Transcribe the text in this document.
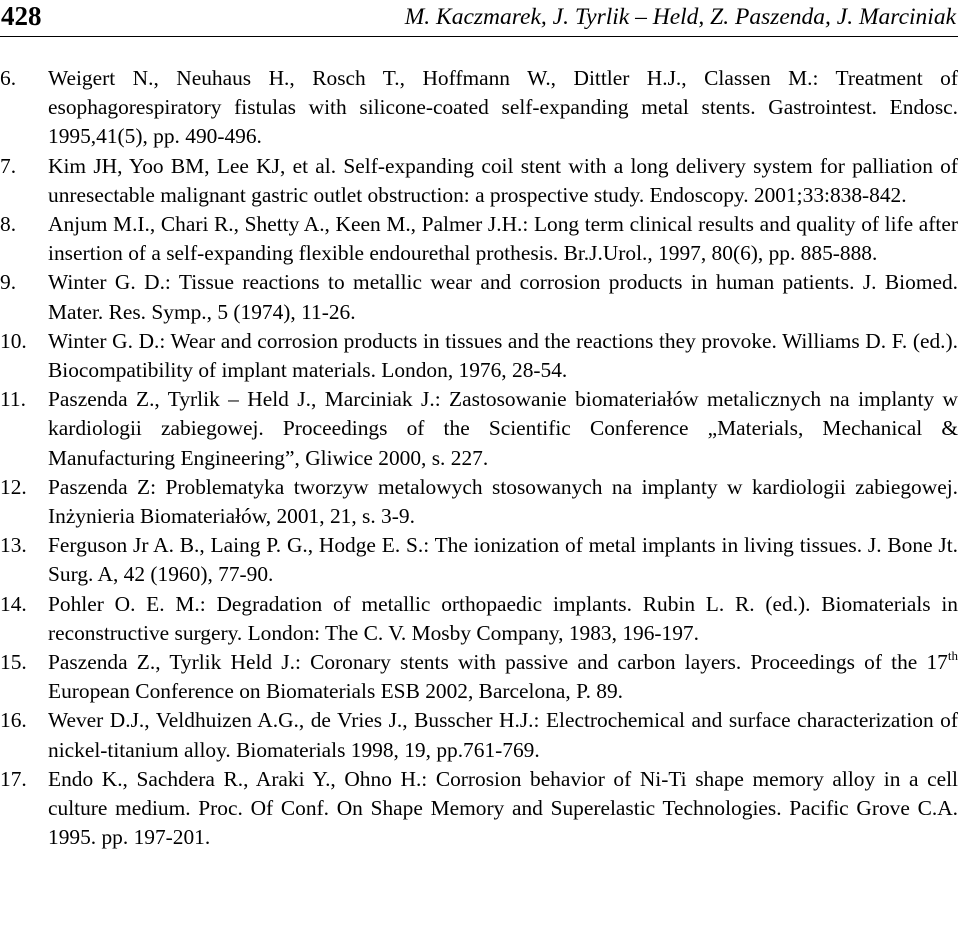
428	M. Kaczmarek, J. Tyrlik – Held, Z. Paszenda, J. Marciniak
6. Weigert N., Neuhaus H., Rosch T., Hoffmann W., Dittler H.J., Classen M.: Treatment of esophagorespiratory fistulas with silicone-coated self-expanding metal stents. Gastrointest. Endosc. 1995,41(5), pp. 490-496.
7. Kim JH, Yoo BM, Lee KJ, et al. Self-expanding coil stent with a long delivery system for palliation of unresectable malignant gastric outlet obstruction: a prospective study. Endoscopy. 2001;33:838-842.
8. Anjum M.I., Chari R., Shetty A., Keen M., Palmer J.H.: Long term clinical results and quality of life after insertion of a self-expanding flexible endourethal prothesis. Br.J.Urol., 1997, 80(6), pp. 885-888.
9. Winter G. D.: Tissue reactions to metallic wear and corrosion products in human patients. J. Biomed. Mater. Res. Symp., 5 (1974), 11-26.
10. Winter G. D.: Wear and corrosion products in tissues and the reactions they provoke. Williams D. F. (ed.). Biocompatibility of implant materials. London, 1976, 28-54.
11. Paszenda Z., Tyrlik – Held J., Marciniak J.: Zastosowanie biomateriałów metalicznych na implanty w kardiologii zabiegowej. Proceedings of the Scientific Conference „Materials, Mechanical & Manufacturing Engineering”, Gliwice 2000, s. 227.
12. Paszenda Z: Problematyka tworzyw metalowych stosowanych na implanty w kardiologii zabiegowej. Inżynieria Biomateriałów, 2001, 21, s. 3-9.
13. Ferguson Jr A. B., Laing P. G., Hodge E. S.: The ionization of metal implants in living tissues. J. Bone Jt. Surg. A, 42 (1960), 77-90.
14. Pohler O. E. M.: Degradation of metallic orthopaedic implants. Rubin L. R. (ed.). Biomaterials in reconstructive surgery. London: The C. V. Mosby Company, 1983, 196-197.
15. Paszenda Z., Tyrlik Held J.: Coronary stents with passive and carbon layers. Proceedings of the 17th European Conference on Biomaterials ESB 2002, Barcelona, P. 89.
16. Wever D.J., Veldhuizen A.G., de Vries J., Busscher H.J.: Electrochemical and surface characterization of nickel-titanium alloy. Biomaterials 1998, 19, pp.761-769.
17. Endo K., Sachdera R., Araki Y., Ohno H.: Corrosion behavior of Ni-Ti shape memory alloy in a cell culture medium. Proc. Of Conf. On Shape Memory and Superelastic Technologies. Pacific Grove C.A. 1995. pp. 197-201.
